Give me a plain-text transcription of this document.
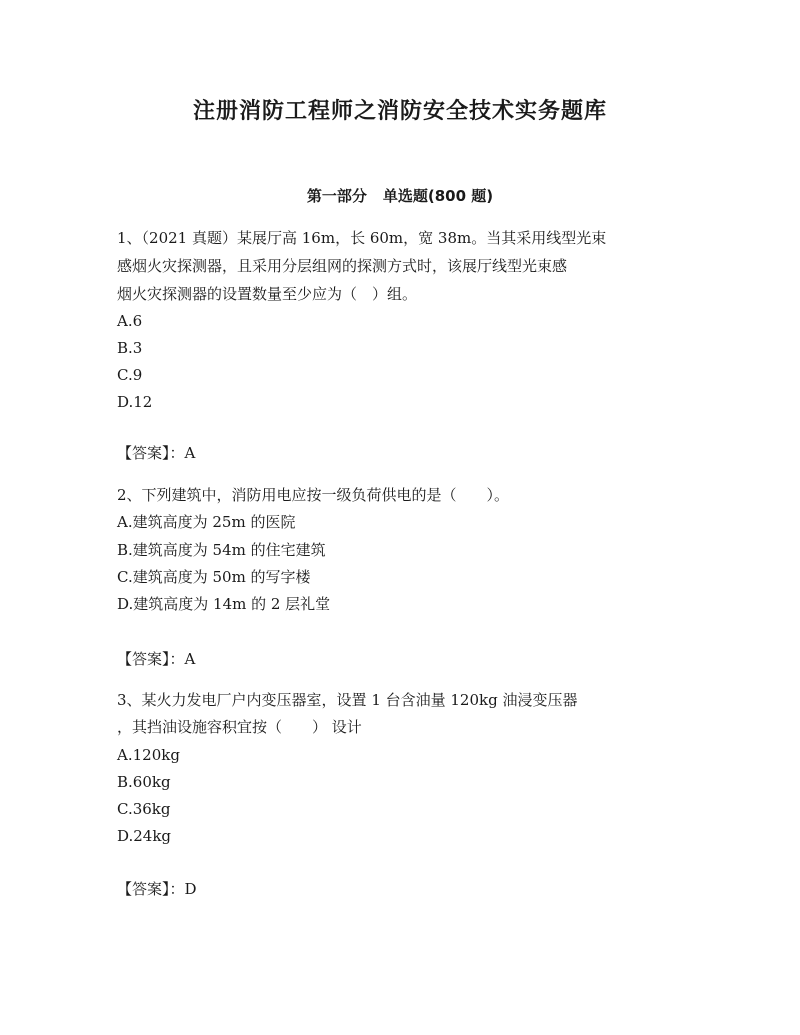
注册消防工程师之消防安全技术实务题库
第一部分 单选题(800 题)
1、（2021 真题）某展厅高 16m，长 60m，宽 38m。当其采用线型光束
感烟火灾探测器，且采用分层组网的探测方式时，该展厅线型光束感
烟火灾探测器的设置数量至少应为（　）组。
A.6
B.3
C.9
D.12
【答案】：A
2、下列建筑中，消防用电应按一级负荷供电的是（　　）。
A.建筑高度为 25m 的医院
B.建筑高度为 54m 的住宅建筑
C.建筑高度为 50m 的写字楼
D.建筑高度为 14m 的 2 层礼堂
【答案】：A
3、某火力发电厂户内变压器室，设置 1 台含油量 120kg 油浸变压器
，其挡油设施容积宜按（　　） 设计
A.120kg
B.60kg
C.36kg
D.24kg
【答案】：D
